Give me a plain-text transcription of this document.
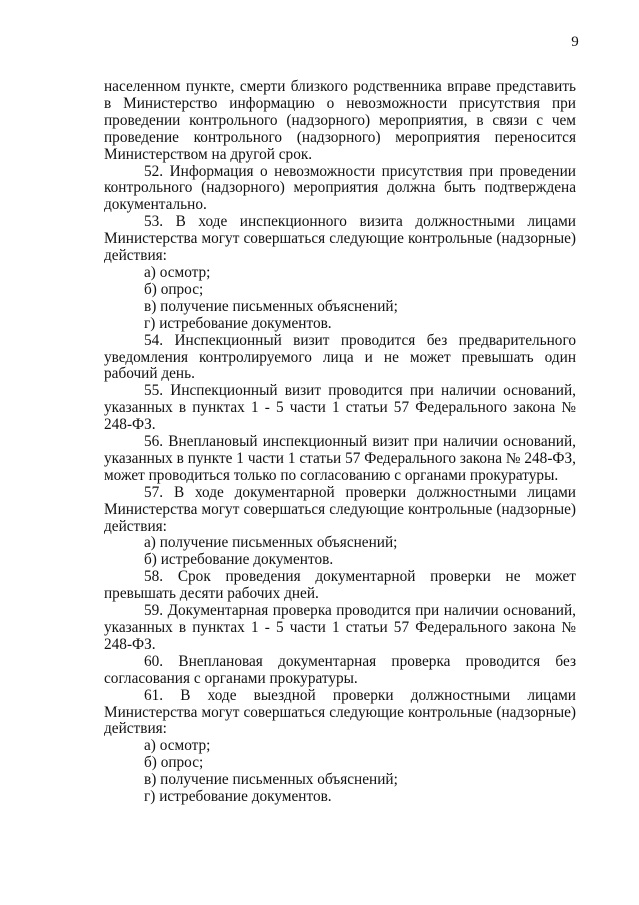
9

населенном пункте, смерти близкого родственника вправе представить в Министерство информацию о невозможности присутствия при проведении контрольного (надзорного) мероприятия, в связи с чем проведение контрольного (надзорного) мероприятия переносится Министерством на другой срок.

52. Информация о невозможности присутствия при проведении контрольного (надзорного) мероприятия должна быть подтверждена документально.

53. В ходе инспекционного визита должностными лицами Министерства могут совершаться следующие контрольные (надзорные) действия:

а) осмотр;

б) опрос;

в) получение письменных объяснений;

г) истребование документов.

54. Инспекционный визит проводится без предварительного уведомления контролируемого лица и не может превышать один рабочий день.

55. Инспекционный визит проводится при наличии оснований, указанных в пунктах 1 - 5 части 1 статьи 57 Федерального закона № 248-ФЗ.

56. Внеплановый инспекционный визит при наличии оснований, указанных в пункте 1 части 1 статьи 57 Федерального закона № 248-ФЗ, может проводиться только по согласованию с органами прокуратуры.

57. В ходе документарной проверки должностными лицами Министерства могут совершаться следующие контрольные (надзорные) действия:

а) получение письменных объяснений;

б) истребование документов.

58. Срок проведения документарной проверки не может превышать десяти рабочих дней.

59. Документарная проверка проводится при наличии оснований, указанных в пунктах 1 - 5 части 1 статьи 57 Федерального закона № 248-ФЗ.

60. Внеплановая документарная проверка проводится без согласования с органами прокуратуры.

61. В ходе выездной проверки должностными лицами Министерства могут совершаться следующие контрольные (надзорные) действия:

а) осмотр;

б) опрос;

в) получение письменных объяснений;

г) истребование документов.
